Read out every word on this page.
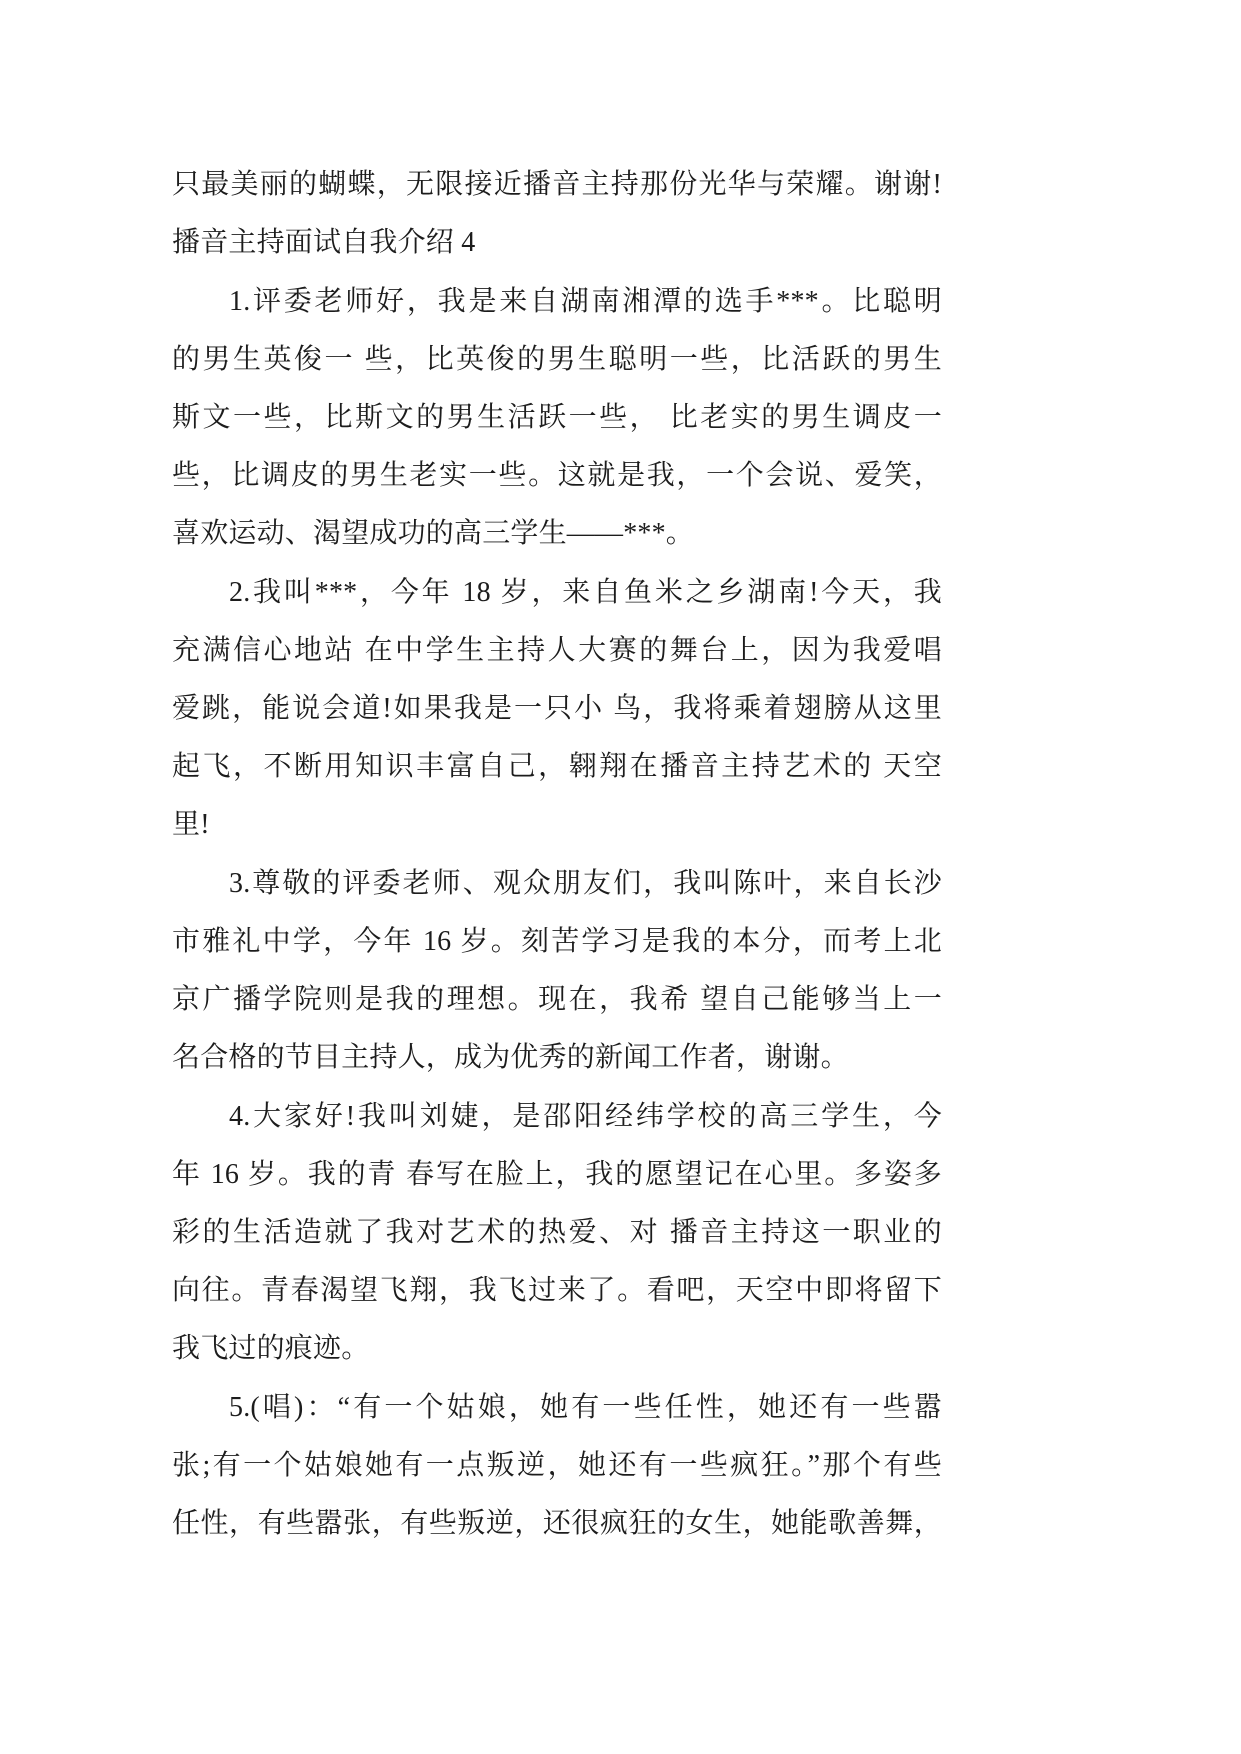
只最美丽的蝴蝶，无限接近播音主持那份光华与荣耀。谢谢!
播音主持面试自我介绍 4
1.评委老师好，我是来自湖南湘潭的选手***。比聪明
的男生英俊一 些，比英俊的男生聪明一些，比活跃的男生
斯文一些，比斯文的男生活跃一些， 比老实的男生调皮一
些，比调皮的男生老实一些。这就是我，一个会说、爱笑，
喜欢运动、渴望成功的高三学生——***。
2.我叫***，今年 18 岁，来自鱼米之乡湖南!今天，我
充满信心地站 在中学生主持人大赛的舞台上，因为我爱唱
爱跳，能说会道!如果我是一只小 鸟，我将乘着翅膀从这里
起飞，不断用知识丰富自己，翱翔在播音主持艺术的 天空
里!
3.尊敬的评委老师、观众朋友们，我叫陈叶，来自长沙
市雅礼中学，今年 16 岁。刻苦学习是我的本分，而考上北
京广播学院则是我的理想。现在，我希 望自己能够当上一
名合格的节目主持人，成为优秀的新闻工作者，谢谢。
4.大家好!我叫刘婕，是邵阳经纬学校的高三学生，今
年 16 岁。我的青 春写在脸上，我的愿望记在心里。多姿多
彩的生活造就了我对艺术的热爱、对 播音主持这一职业的
向往。青春渴望飞翔，我飞过来了。看吧，天空中即将留下
我飞过的痕迹。
5.(唱)：“有一个姑娘，她有一些任性，她还有一些嚣
张;有一个姑娘她有一点叛逆，她还有一些疯狂。”那个有些
任性，有些嚣张，有些叛逆，还很疯狂的女生，她能歌善舞，
